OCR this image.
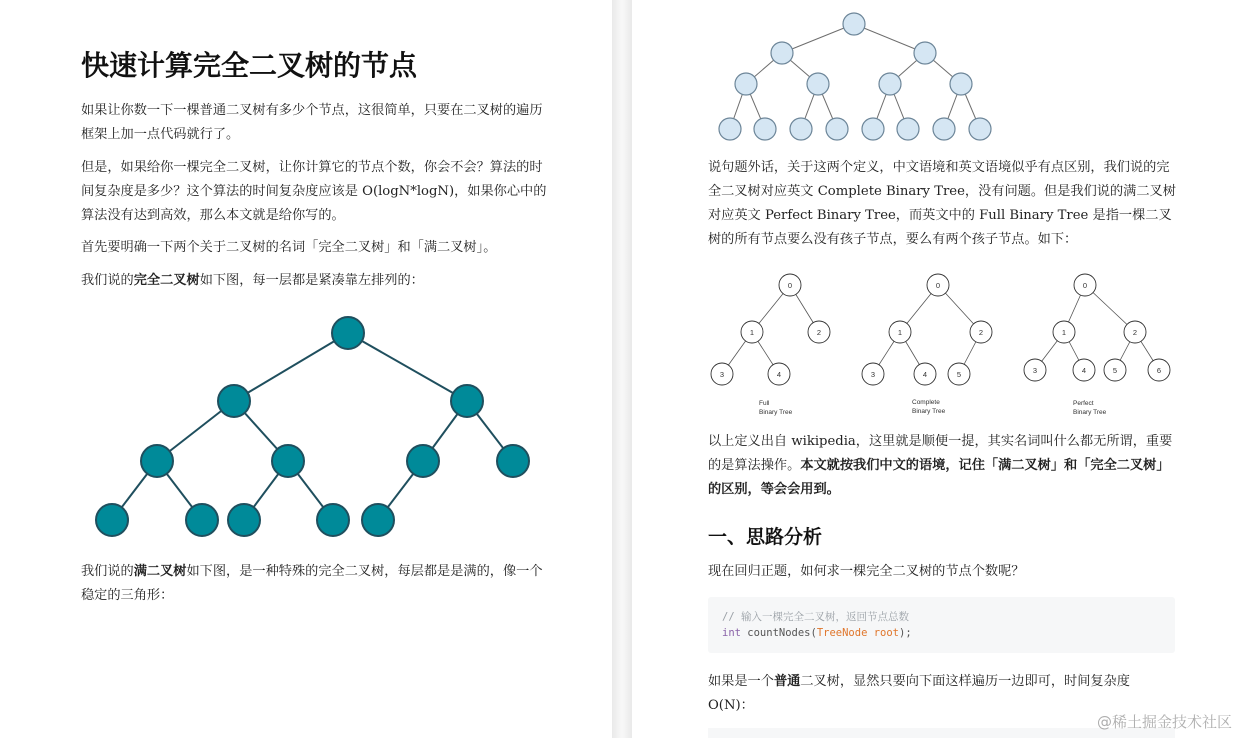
快速计算完全二叉树的节点

如果让你数一下一棵普通二叉树有多少个节点，这很简单，只要在二叉树的遍历框架上加一点代码就行了。

但是，如果给你一棵完全二叉树，让你计算它的节点个数，你会不会？算法的时间复杂度是多少？这个算法的时间复杂度应该是 O(logN*logN)，如果你心中的算法没有达到高效，那么本文就是给你写的。

首先要明确一下两个关于二叉树的名词「完全二叉树」和「满二叉树」。

我们说的完全二叉树如下图，每一层都是紧凑靠左排列的：

我们说的满二叉树如下图，是一种特殊的完全二叉树，每层都是是满的，像一个稳定的三角形：

说句题外话，关于这两个定义，中文语境和英文语境似乎有点区别，我们说的完全二叉树对应英文 Complete Binary Tree，没有问题。但是我们说的满二叉树对应英文 Perfect Binary Tree，而英文中的 Full Binary Tree 是指一棵二叉树的所有节点要么没有孩子节点，要么有两个孩子节点。如下：

0
1	2
3	4
0
1	2
3	4	5
0
1	2
3	4	5	6
Full
Binary Tree
Complete
Binary Tree
Perfect
Binary Tree

以上定义出自 wikipedia，这里就是顺便一提，其实名词叫什么都无所谓，重要的是算法操作。本文就按我们中文的语境，记住「满二叉树」和「完全二叉树」的区别，等会会用到。

一、思路分析

现在回归正题，如何求一棵完全二叉树的节点个数呢？

// 输入一棵完全二叉树，返回节点总数
int countNodes(TreeNode root);

如果是一个普通二叉树，显然只要向下面这样遍历一边即可，时间复杂度 O(N)：

@稀土掘金技术社区
